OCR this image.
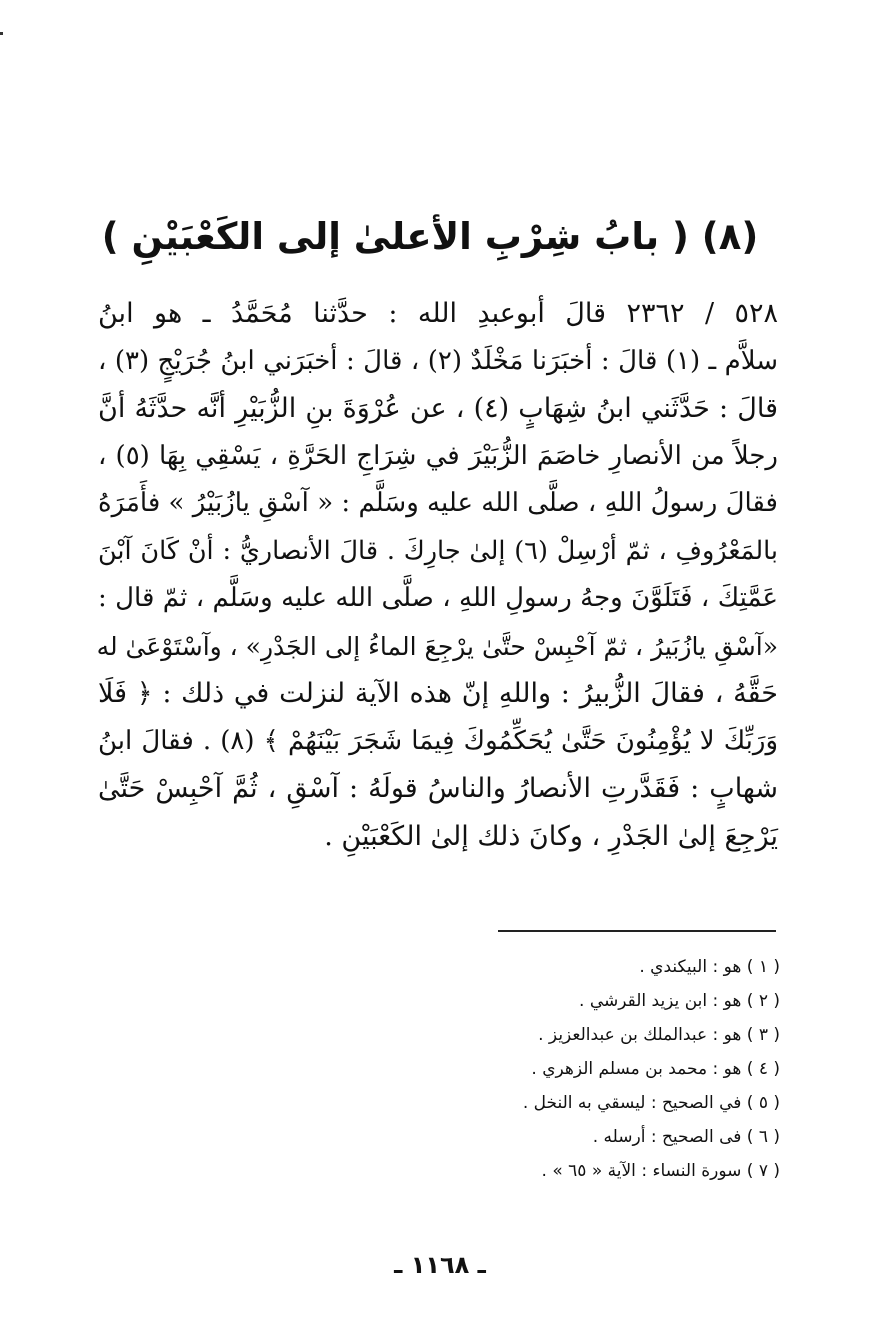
(٨) ( بابُ شِرْبِ الأعلىٰ إلى الكَعْبَيْنِ )
٥٢٨ / ٢٣٦٢ قالَ أبوعبدِ الله : حدَّثنا مُحَمَّدُ ـ هو ابنُ
سلاَّم ـ (١) قالَ : أخبَرَنا مَخْلَدٌ (٢) ، قالَ : أخبَرَني ابنُ جُرَيْجٍ (٣) ،
قالَ : حَدَّثَني ابنُ شِهَابٍ (٤) ، عن عُرْوَةَ بنِ الزُّبَيْرِ أنَّه حدَّثَهُ أنَّ
رجلاً من الأنصارِ خاصَمَ الزُّبَيْرَ في شِرَاجِ الحَرَّةِ ، يَسْقِي بِهَا (٥) ،
فقالَ رسولُ اللهِ ، صلَّى الله عليه وسَلَّم : « آسْقِ يازُبَيْرُ » فأَمَرَهُ
بالمَعْرُوفِ ، ثمّ أرْسِلْ (٦) إلىٰ جارِكَ . قالَ الأنصاريُّ : أنْ كَانَ آبْنَ
عَمَّتِكَ ، فَتَلَوَّنَ وجهُ رسولِ اللهِ ، صلَّى الله عليه وسَلَّم ، ثمّ قال :
«آسْقِ يازُبَيرُ ، ثمّ آحْبِسْ حتَّىٰ يرْجِعَ الماءُ إلى الجَدْرِ» ، وآسْتَوْعَىٰ له
حَقَّهُ ، فقالَ الزُّبيرُ : واللهِ إنّ هذه الآية لنزلت في ذلك : ﴿ فَلَا
وَرَبِّكَ لا يُؤْمِنُونَ حَتَّىٰ يُحَكِّمُوكَ فِيمَا شَجَرَ بَيْنَهُمْ ﴾ (٨) . فقالَ ابنُ
شهابٍ : فَقَدَّرتِ الأنصارُ والناسُ قولَهُ : آسْقِ ، ثُمَّ آحْبِسْ حَتَّىٰ
يَرْجِعَ إلىٰ الجَدْرِ ، وكانَ ذلك إلىٰ الكَعْبَيْنِ .
( ١ ) هو : البيكندي .
( ٢ ) هو : ابن يزيد القرشي .
( ٣ ) هو : عبدالملك بن عبدالعزيز .
( ٤ ) هو : محمد بن مسلم الزهري .
( ٥ ) في الصحيح : ليسقي به النخل .
( ٦ ) فى الصحيح : أرسله .
( ٧ ) سورة النساء : الآية « ٦٥ » .
ـ ١١٦٨ ـ
